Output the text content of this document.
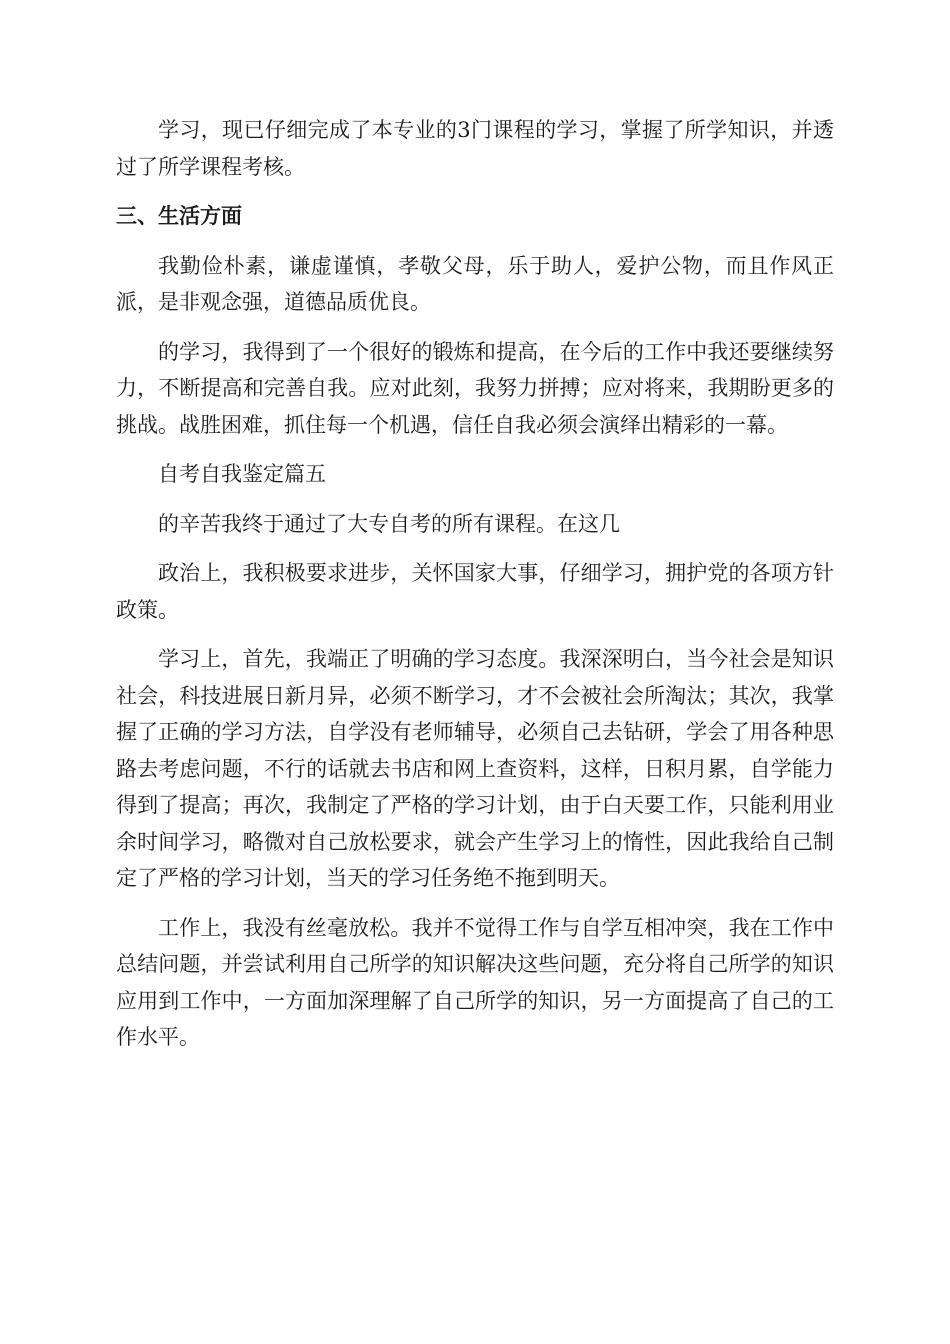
学习，现已仔细完成了本专业的3门课程的学习，掌握了所学知识，并透过了所学课程考核。

三、生活方面

我勤俭朴素，谦虚谨慎，孝敬父母，乐于助人，爱护公物，而且作风正派，是非观念强，道德品质优良。

的学习，我得到了一个很好的锻炼和提高，在今后的工作中我还要继续努力，不断提高和完善自我。应对此刻，我努力拼搏；应对将来，我期盼更多的挑战。战胜困难，抓住每一个机遇，信任自我必须会演绎出精彩的一幕。

自考自我鉴定篇五

的辛苦我终于通过了大专自考的所有课程。在这几

政治上，我积极要求进步，关怀国家大事，仔细学习，拥护党的各项方针政策。

学习上，首先，我端正了明确的学习态度。我深深明白，当今社会是知识社会，科技进展日新月异，必须不断学习，才不会被社会所淘汰；其次，我掌握了正确的学习方法，自学没有老师辅导，必须自己去钻研，学会了用各种思路去考虑问题，不行的话就去书店和网上查资料，这样，日积月累，自学能力得到了提高；再次，我制定了严格的学习计划，由于白天要工作，只能利用业余时间学习，略微对自己放松要求，就会产生学习上的惰性，因此我给自己制定了严格的学习计划，当天的学习任务绝不拖到明天。

工作上，我没有丝毫放松。我并不觉得工作与自学互相冲突，我在工作中总结问题，并尝试利用自己所学的知识解决这些问题，充分将自己所学的知识应用到工作中，一方面加深理解了自己所学的知识，另一方面提高了自己的工作水平。
